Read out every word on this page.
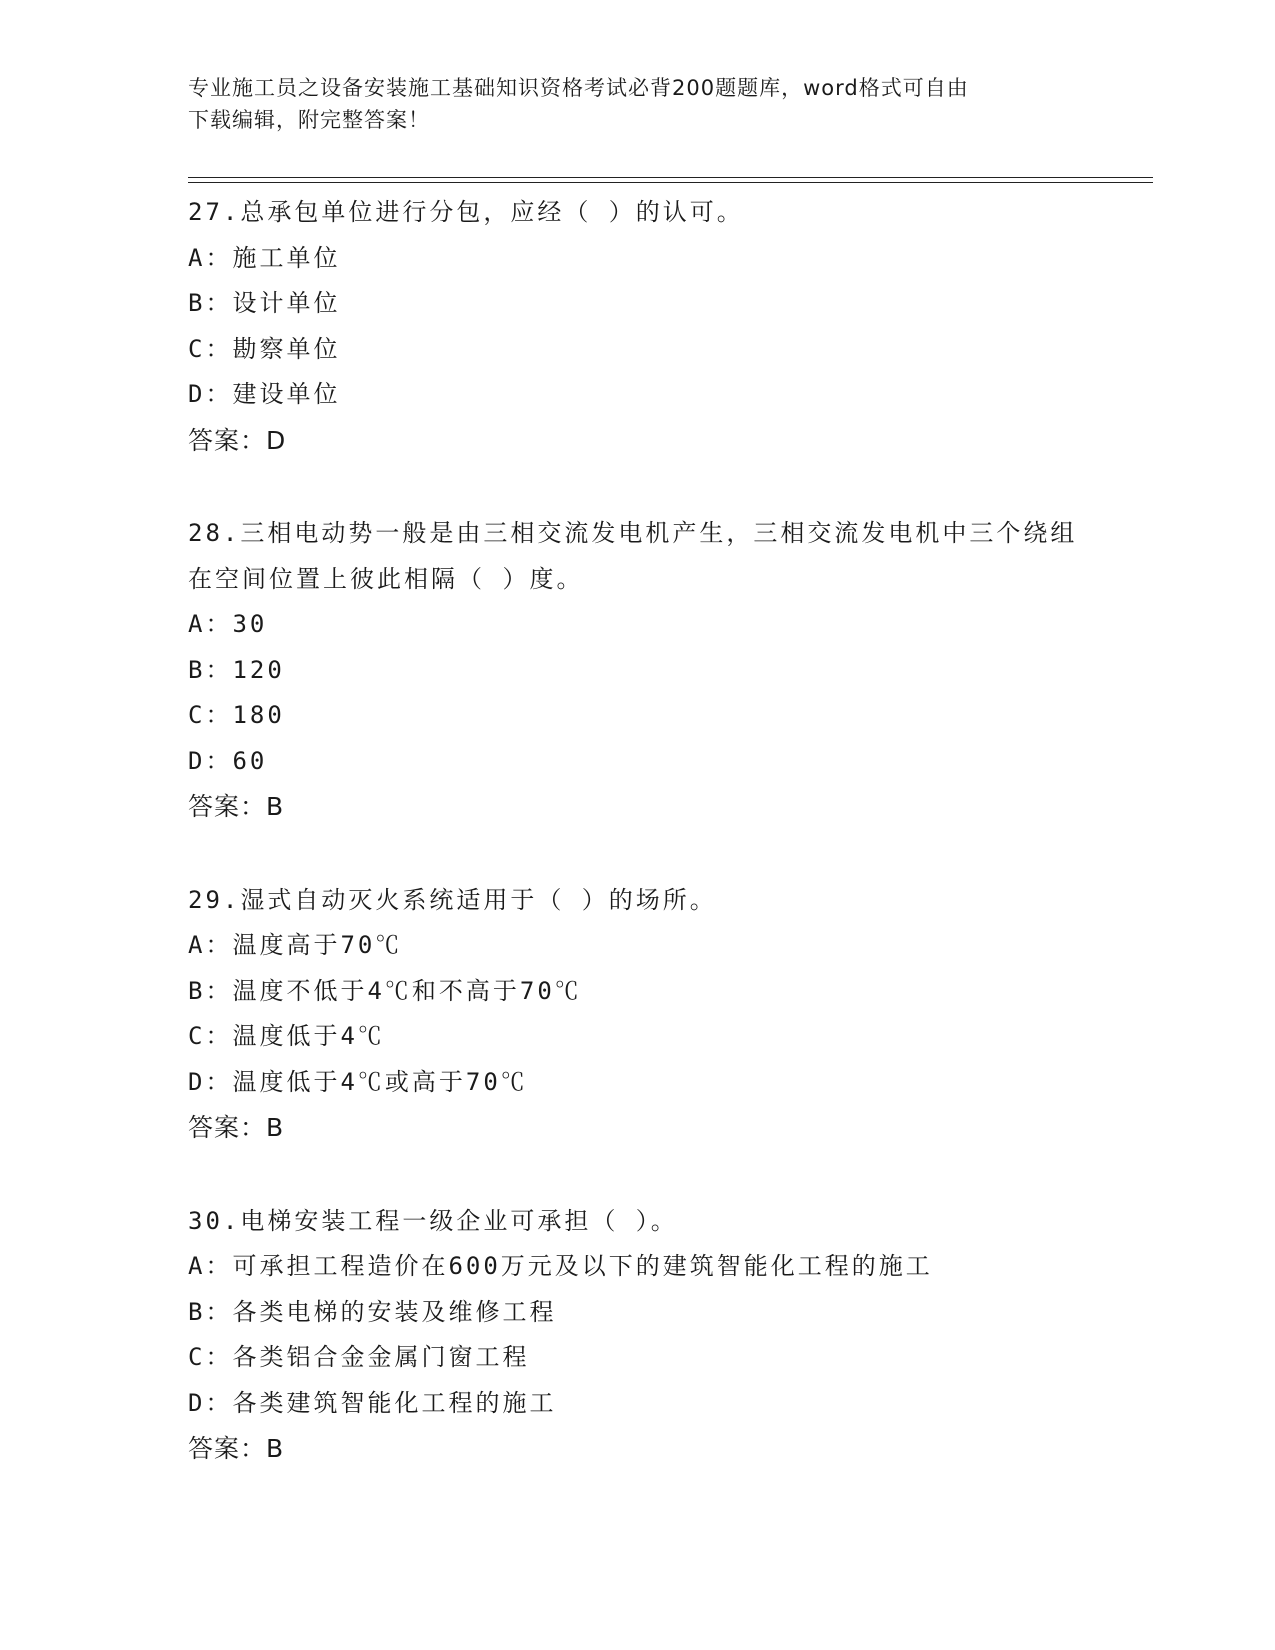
专业施工员之设备安装施工基础知识资格考试必背200题题库，word格式可自由
下载编辑，附完整答案！
27.总承包单位进行分包，应经（ ）的认可。
A： 施工单位
B： 设计单位
C： 勘察单位
D： 建设单位
答案：D
28.三相电动势一般是由三相交流发电机产生，三相交流发电机中三个绕组在空间位置上彼此相隔（ ）度。
A： 30
B： 120
C： 180
D： 60
答案：B
29.湿式自动灭火系统适用于（ ）的场所。
A： 温度高于70℃
B： 温度不低于4℃和不高于70℃
C： 温度低于4℃
D： 温度低于4℃或高于70℃
答案：B
30.电梯安装工程一级企业可承担（ ）。
A： 可承担工程造价在600万元及以下的建筑智能化工程的施工
B： 各类电梯的安装及维修工程
C： 各类铝合金金属门窗工程
D： 各类建筑智能化工程的施工
答案：B
